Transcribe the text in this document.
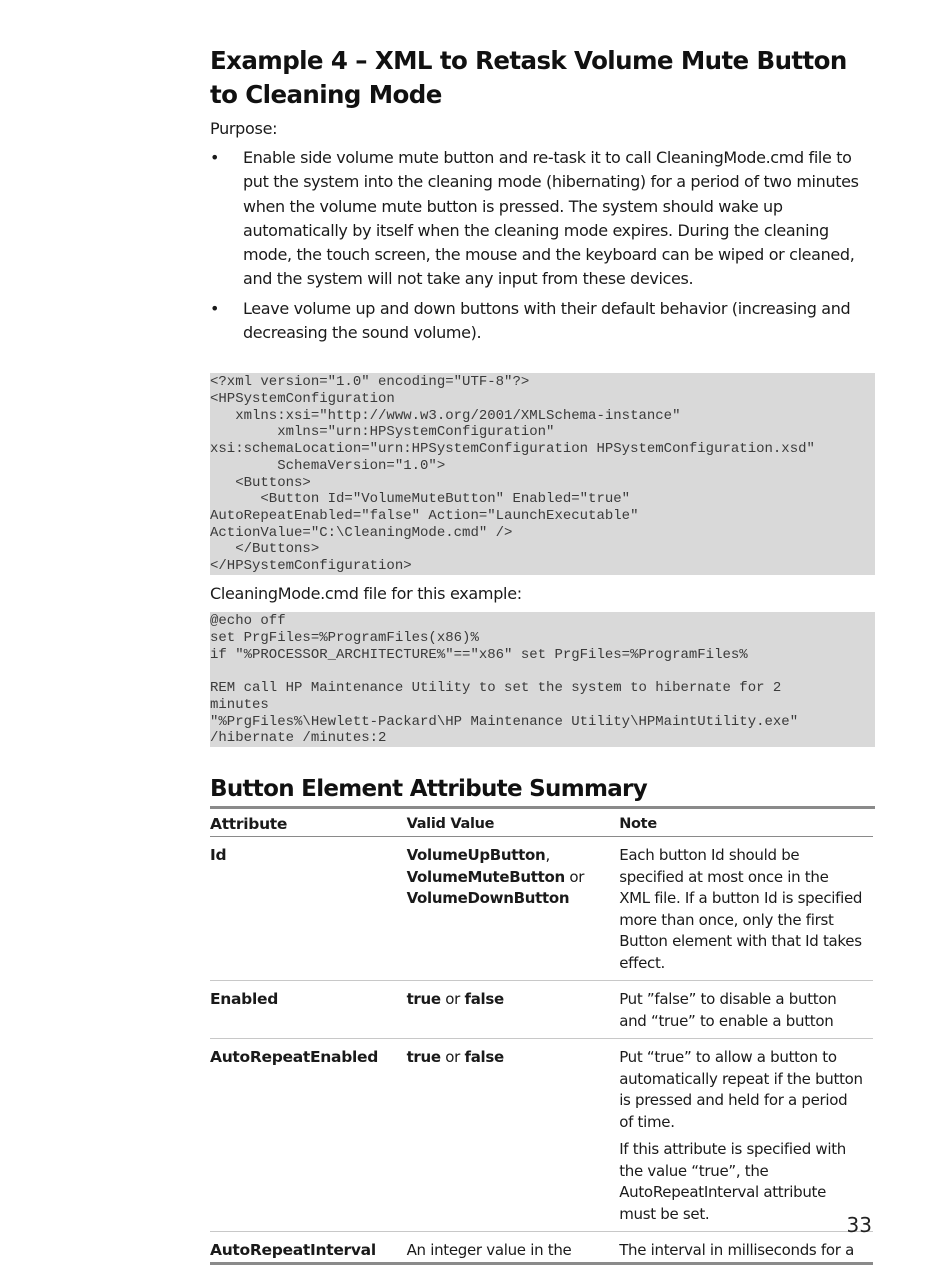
Example 4 – XML to Retask Volume Mute Button to Cleaning Mode

Purpose:

• Enable side volume mute button and re-task it to call CleaningMode.cmd file to put the system into the cleaning mode (hibernating) for a period of two minutes when the volume mute button is pressed. The system should wake up automatically by itself when the cleaning mode expires. During the cleaning mode, the touch screen, the mouse and the keyboard can be wiped or cleaned, and the system will not take any input from these devices.
• Leave volume up and down buttons with their default behavior (increasing and decreasing the sound volume).
<?xml version="1.0" encoding="UTF-8"?>
<HPSystemConfiguration
xmlns:xsi="http://www.w3.org/2001/XMLSchema-instance"
xmlns="urn:HPSystemConfiguration"
xsi:schemaLocation="urn:HPSystemConfiguration HPSystemConfiguration.xsd"
SchemaVersion="1.0">
<Buttons>
<Button Id="VolumeMuteButton" Enabled="true"
AutoRepeatEnabled="false" Action="LaunchExecutable"
ActionValue="C:\CleaningMode.cmd" />
</Buttons>
</HPSystemConfiguration>

CleaningMode.cmd file for this example:

@echo off
set PrgFiles=%ProgramFiles(x86)%
if "%PROCESSOR_ARCHITECTURE%"=="x86" set PrgFiles=%ProgramFiles%

REM call HP Maintenance Utility to set the system to hibernate for 2
minutes
"%PrgFiles%\Hewlett-Packard\HP Maintenance Utility\HPMaintUtility.exe"
/hibernate /minutes:2
Button Element Attribute Summary
Attribute	Valid Value	Note
Id	VolumeUpButton,
VolumeMuteButton or
VolumeDownButton	Each button Id should be specified at most once in the XML file. If a button Id is specified more than once, only the first Button element with that Id takes effect.

Enabled	true or false	Put ”false” to disable a button and “true” to enable a button

AutoRepeatEnabled	true or false	Put “true” to allow a button to automatically repeat if the button is pressed and held for a period of time.

If this attribute is specified with the value “true”, the AutoRepeatInterval attribute must be set.

AutoRepeatInterval	An integer value in the	The interval in milliseconds for a

33
